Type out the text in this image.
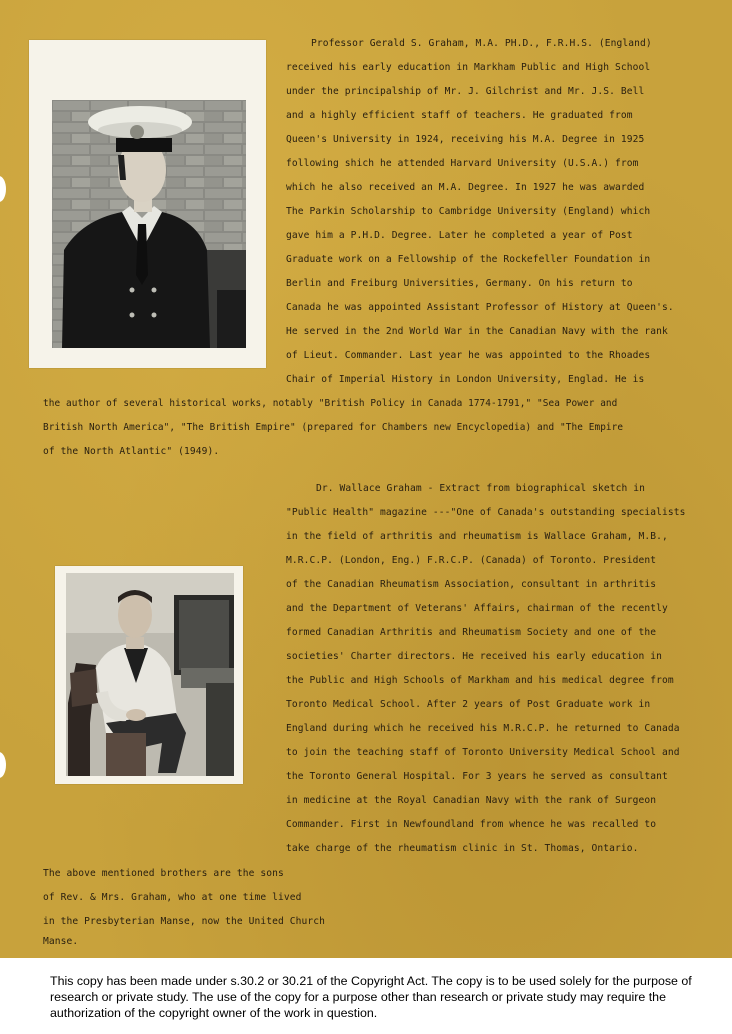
Professor Gerald S. Graham, M.A. PH.D., F.R.H.S. (England)
received his early education in Markham Public and High School
under the principalship of Mr. J. Gilchrist and Mr. J.S. Bell
and a highly efficient staff of teachers. He graduated from
Queen's University in 1924, receiving his M.A. Degree in 1925
following shich he attended Harvard University (U.S.A.) from
which he also received an M.A. Degree. In 1927 he was awarded
The Parkin Scholarship to Cambridge University (England) which
gave him a P.H.D. Degree. Later he completed a year of Post
Graduate work on a Fellowship of the Rockefeller Foundation in
Berlin and Freiburg Universities, Germany. On his return to
Canada he was appointed Assistant Professor of History at Queen's.
He served in the 2nd World War in the Canadian Navy with the rank
of Lieut. Commander. Last year he was appointed to the Rhoades
Chair of Imperial History in London University, Englad. He is
the author of several historical works, notably "British Policy in Canada 1774-1791," "Sea Power and
British North America", "The British Empire" (prepared for Chambers new Encyclopedia) and "The Empire
of the North Atlantic" (1949).
Dr. Wallace Graham - Extract from biographical sketch in
"Public Health" magazine ---"One of Canada's outstanding specialists
in the field of arthritis and rheumatism is Wallace Graham, M.B.,
M.R.C.P. (London, Eng.) F.R.C.P. (Canada) of Toronto. President
of the Canadian Rheumatism Association, consultant in arthritis
and the Department of Veterans' Affairs, chairman of the recently
formed Canadian Arthritis and Rheumatism Society and one of the
societies' Charter directors. He received his early education in
the Public and High Schools of Markham and his medical degree from
Toronto Medical School. After 2 years of Post Graduate work in
England during which he received his M.R.C.P. he returned to Canada
to join the teaching staff of Toronto University Medical School and
the Toronto General Hospital. For 3 years he served as consultant
in medicine at the Royal Canadian Navy with the rank of Surgeon
Commander. First in Newfoundland from whence he was recalled to
take charge of the rheumatism clinic in St. Thomas, Ontario.
The above mentioned brothers are the sons
of Rev. & Mrs. Graham, who at one time lived
in the Presbyterian Manse, now the United Church
Manse.
This copy has been made under s.30.2 or 30.21 of the Copyright Act. The copy is to be used solely for the purpose of research or private study. The use of the copy for a purpose other than research or private study may require the authorization of the copyright owner of the work in question.
